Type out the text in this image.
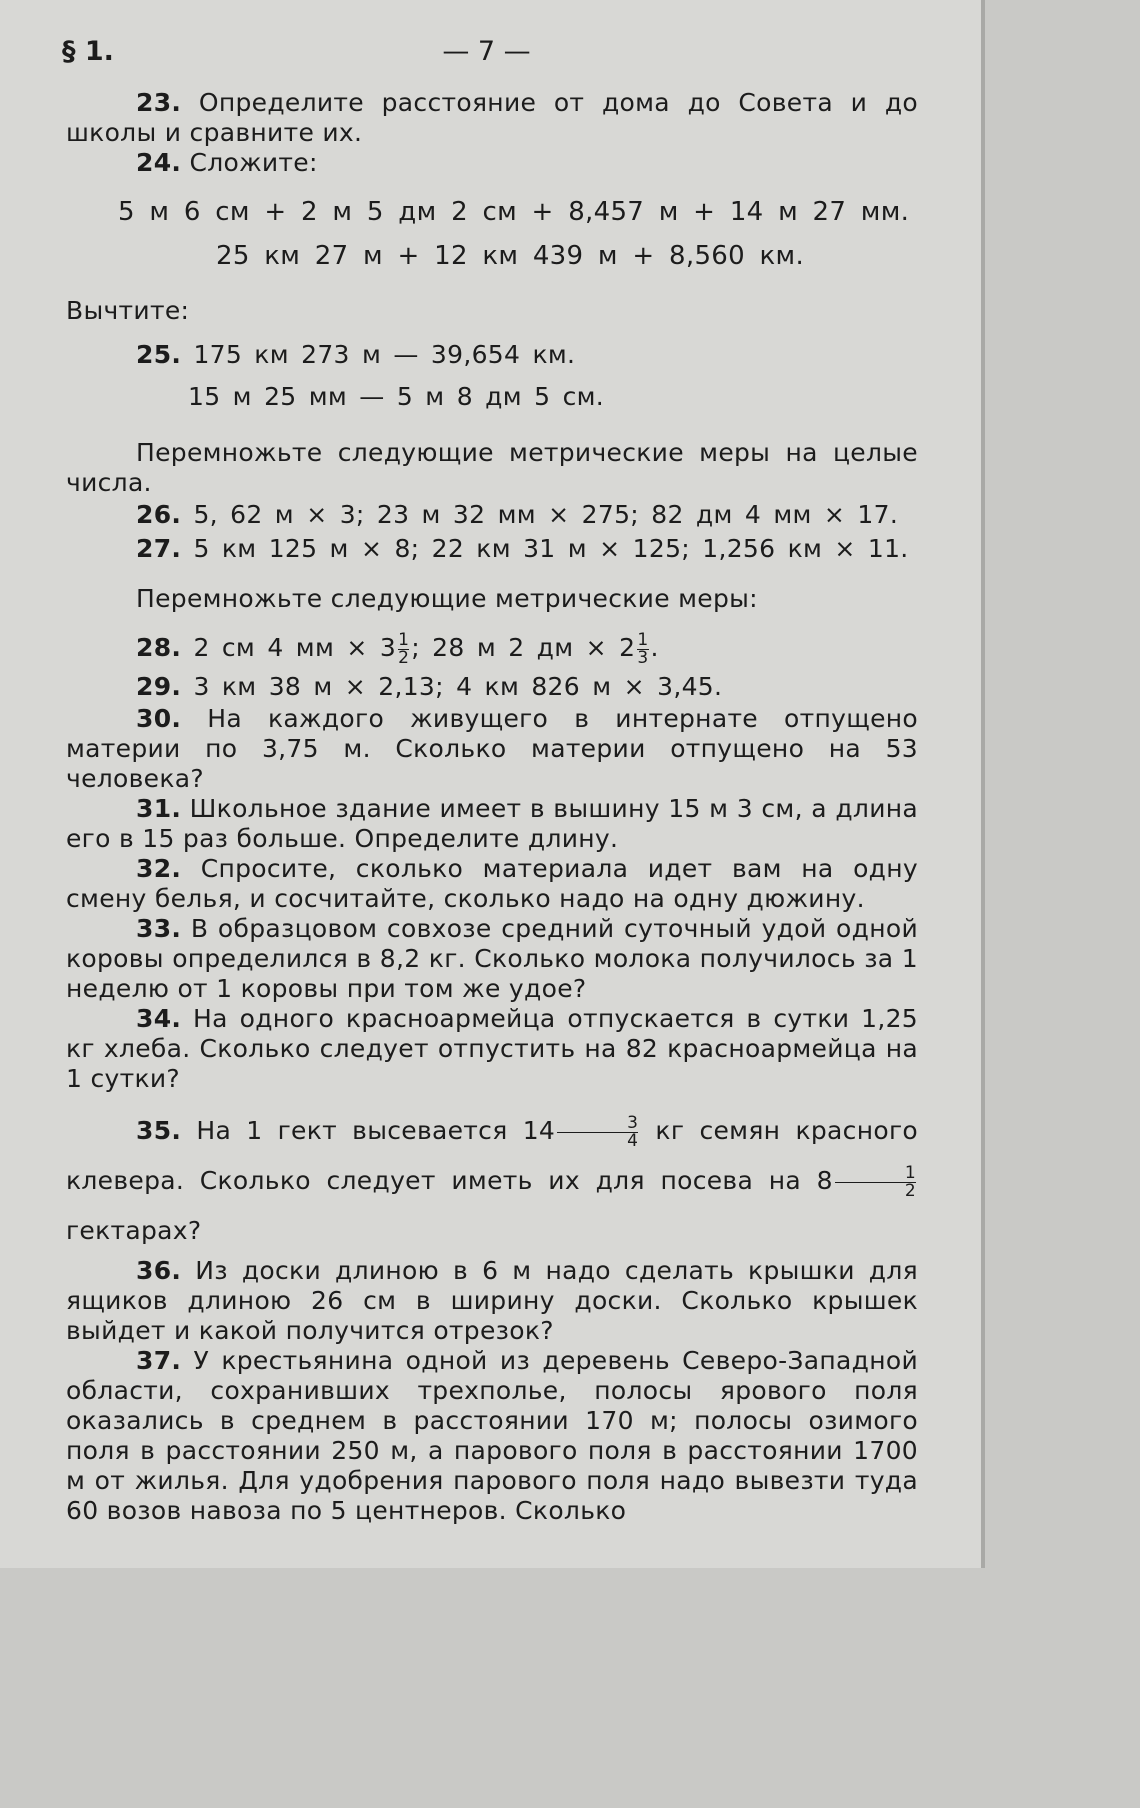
§ 1.	— 7 —

23. Определите расстояние от дома до Совета и до школы и сравните их.

24. Сложите:

5 м 6 см + 2 м 5 дм 2 см + 8,457 м + 14 м 27 мм.

25 км 27 м + 12 км 439 м + 8,560 км.

Вычтите:

25. 175 км 273 м — 39,654 км.

15 м 25 мм — 5 м 8 дм 5 см.

Перемножьте следующие метрические меры на целые числа.

26. 5, 62 м × 3; 23 м 32 мм × 275; 82 дм 4 мм × 17.

27. 5 км 125 м × 8; 22 км 31 м × 125; 1,256 км × 11.

Перемножьте следующие метрические меры:

28. 2 см 4 мм × $3 \frac{1}{2}$ ; 28 м 2 дм × $2 \frac{1}{3}$ .

29. 3 км 38 м × 2,13; 4 км 826 м × 3,45.

30. На каждого живущего в интернате отпущено материи по 3,75 м. Сколько материи отпущено на 53 человека?

31. Школьное здание имеет в вышину 15 м 3 см, а длина его в 15 раз больше. Определите длину.

32. Спросите, сколько материала идет вам на одну смену белья, и сосчитайте, сколько надо на одну дюжину.

33. В образцовом совхозе средний суточный удой одной коровы определился в 8,2 кг. Сколько молока получилось за 1 неделю от 1 коровы при том же удое?

34. На одного красноармейца отпускается в сутки 1,25 кг хлеба. Сколько следует отпустить на 82 красноармейца на 1 сутки?

35. На 1 гект высевается $14 \frac{3}{4}$ кг семян красного клевера. Сколько следует иметь их для посева на $8 \frac{1}{2}$
гектарах?

36. Из доски длиною в 6 м надо сделать крышки для ящиков длиною 26 см в ширину доски. Сколько крышек выйдет и какой получится отрезок?

37. У крестьянина одной из деревень Северо-Западной области, сохранивших трехполье, полосы ярового поля оказались в среднем в расстоянии 170 м; полосы озимого поля в расстоянии 250 м, а парового поля в расстоянии 1700 м от жилья. Для удобрения парового поля надо вывезти туда 60 возов навоза по 5 центнеров. Сколько
